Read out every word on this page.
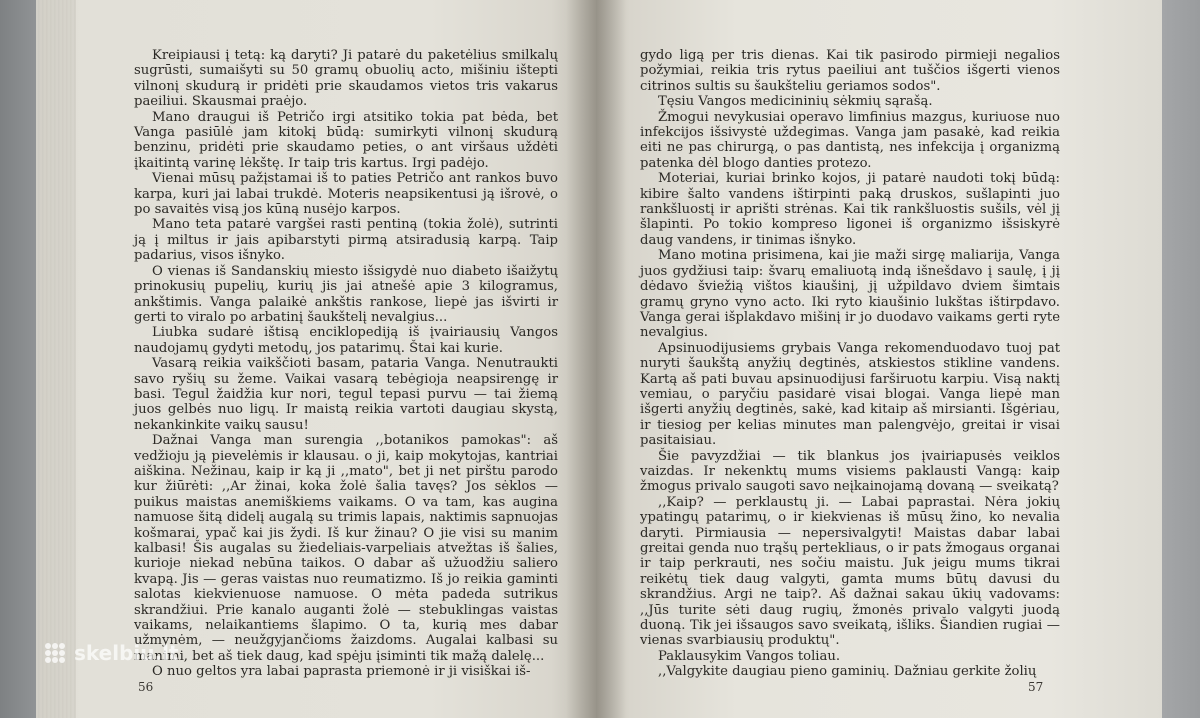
Kreipiausi į tetą: ką daryti? Ji patarė du paketėlius smilkalų sugrūsti, sumaišyti su 50 gramų obuolių acto, mišiniu ištepti vilnonį skudurą ir pridėti prie skaudamos vietos tris vakarus paeiliui. Skausmai praėjo.

Mano draugui iš Petričo irgi atsitiko tokia pat bėda, bet Vanga pasiūlė jam kitokį būdą: sumirkyti vilnonį skudurą benzinu, pridėti prie skaudamo peties, o ant viršaus uždėti įkaitintą varinę lėkštę. Ir taip tris kartus. Irgi padėjo.

Vienai mūsų pažįstamai iš to paties Petričo ant rankos buvo karpa, kuri jai labai trukdė. Moteris neapsikentusi ją išrovė, o po savaitės visą jos kūną nusėjo karpos.

Mano teta patarė vargšei rasti pentiną (tokia žolė), sutrinti ją į miltus ir jais apibarstyti pirmą atsiradusią karpą. Taip padarius, visos išnyko.

O vienas iš Sandanskių miesto išsigydė nuo diabeto išaižytų prinokusių pupelių, kurių jis jai atnešė apie 3 kilogramus, ankštimis. Vanga palaikė ankštis rankose, liepė jas išvirti ir gerti to viralo po arbatinį šaukštelį nevalgius...

Liubka sudarė ištisą enciklopediją iš įvairiausių Vangos naudojamų gydyti metodų, jos patarimų. Štai kai kurie.

Vasarą reikia vaikščioti basam, pataria Vanga. Nenutraukti savo ryšių su žeme. Vaikai vasarą tebėgioja neapsirengę ir basi. Tegul žaidžia kur nori, tegul tepasi purvu — tai žiemą juos gelbės nuo ligų. Ir maistą reikia vartoti daugiau skystą, nekankinkite vaikų sausu!

Dažnai Vanga man surengia ,,botanikos pamokas": aš vedžioju ją pievelėmis ir klausau. o ji, kaip mokytojas, kantriai aiškina. Nežinau, kaip ir ką ji ,,mato", bet ji net pirštu parodo kur žiūrėti: ,,Ar žinai, koka žolė šalia tavęs? Jos sėklos — puikus maistas anemiškiems vaikams. O va tam, kas augina namuose šitą didelį augalą su trimis lapais, naktimis sapnuojas košmarai, ypač kai jis žydi. Iš kur žinau? O jie visi su manim kalbasi! Šis augalas su žiedeliais-varpeliais atvežtas iš šalies, kurioje niekad nebūna taikos. O dabar aš užuodžiu saliero kvapą. Jis — geras vaistas nuo reumatizmo. Iš jo reikia gaminti salotas kiekvienuose namuose. O mėta padeda sutrikus skrandžiui. Prie kanalo auganti žolė — stebuklingas vaistas vaikams, nelaikantiems šlapimo. O ta, kurią mes dabar užmynėm, — neužgyjančioms žaizdoms. Augalai kalbasi su manimi, bet aš tiek daug, kad spėju įsiminti tik mažą dalelę...

O nuo geltos yra labai paprasta priemonė ir ji visiškai iš-

56

gydo ligą per tris dienas. Kai tik pasirodo pirmieji negalios požymiai, reikia tris rytus paeiliui ant tuščios išgerti vienos citrinos sultis su šaukšteliu geriamos sodos".

Tęsiu Vangos medicininių sėkmių sąrašą.

Žmogui nevykusiai operavo limfinius mazgus, kuriuose nuo infekcijos išsivystė uždegimas. Vanga jam pasakė, kad reikia eiti ne pas chirurgą, o pas dantistą, nes infekcija į organizmą patenka dėl blogo danties protezo.

Moteriai, kuriai brinko kojos, ji patarė naudoti tokį būdą: kibire šalto vandens ištirpinti paką druskos, sušlapinti juo rankšluostį ir aprišti strėnas. Kai tik rankšluostis sušils, vėl jį šlapinti. Po tokio kompreso ligonei iš organizmo išsiskyrė daug vandens, ir tinimas išnyko.

Mano motina prisimena, kai jie maži sirgę maliarija, Vanga juos gydžiusi taip: švarų emaliuotą indą išnešdavo į saulę, į jį dėdavo šviežią vištos kiaušinį, jį užpildavo dviem šimtais gramų gryno vyno acto. Iki ryto kiaušinio lukštas ištirpdavo. Vanga gerai išplakdavo mišinį ir jo duodavo vaikams gerti ryte nevalgius.

Apsinuodijusiems grybais Vanga rekomenduodavo tuoj pat nuryti šaukštą anyžių degtinės, atskiestos stikline vandens. Kartą aš pati buvau apsinuodijusi farširuotu karpiu. Visą naktį vemiau, o paryčiu pasidarė visai blogai. Vanga liepė man išgerti anyžių degtinės, sakė, kad kitaip aš mirsianti. Išgėriau, ir tiesiog per kelias minutes man palengvėjo, greitai ir visai pasitaisiau.

Šie pavyzdžiai — tik blankus jos įvairiapusės veiklos vaizdas. Ir nekenktų mums visiems paklausti Vangą: kaip žmogus privalo saugoti savo neįkainojamą dovaną — sveikatą?

,,Kaip? — perklaustų ji. — Labai paprastai. Nėra jokių ypatingų patarimų, o ir kiekvienas iš mūsų žino, ko nevalia daryti. Pirmiausia — nepersivalgyti! Maistas dabar labai greitai genda nuo trąšų pertekliaus, o ir pats žmogaus organai ir taip perkrauti, nes sočiu maistu. Juk jeigu mums tikrai reikėtų tiek daug valgyti, gamta mums būtų davusi du skrandžius. Argi ne taip?. Aš dažnai sakau ūkių vadovams: ,,Jūs turite sėti daug rugių, žmonės privalo valgyti juodą duoną. Tik jei išsaugos savo sveikatą, išliks. Šiandien rugiai — vienas svarbiausių produktų".

Paklausykim Vangos toliau.

,,Valgykite daugiau pieno gaminių. Dažniau gerkite žolių

57
skelbiu.lt
